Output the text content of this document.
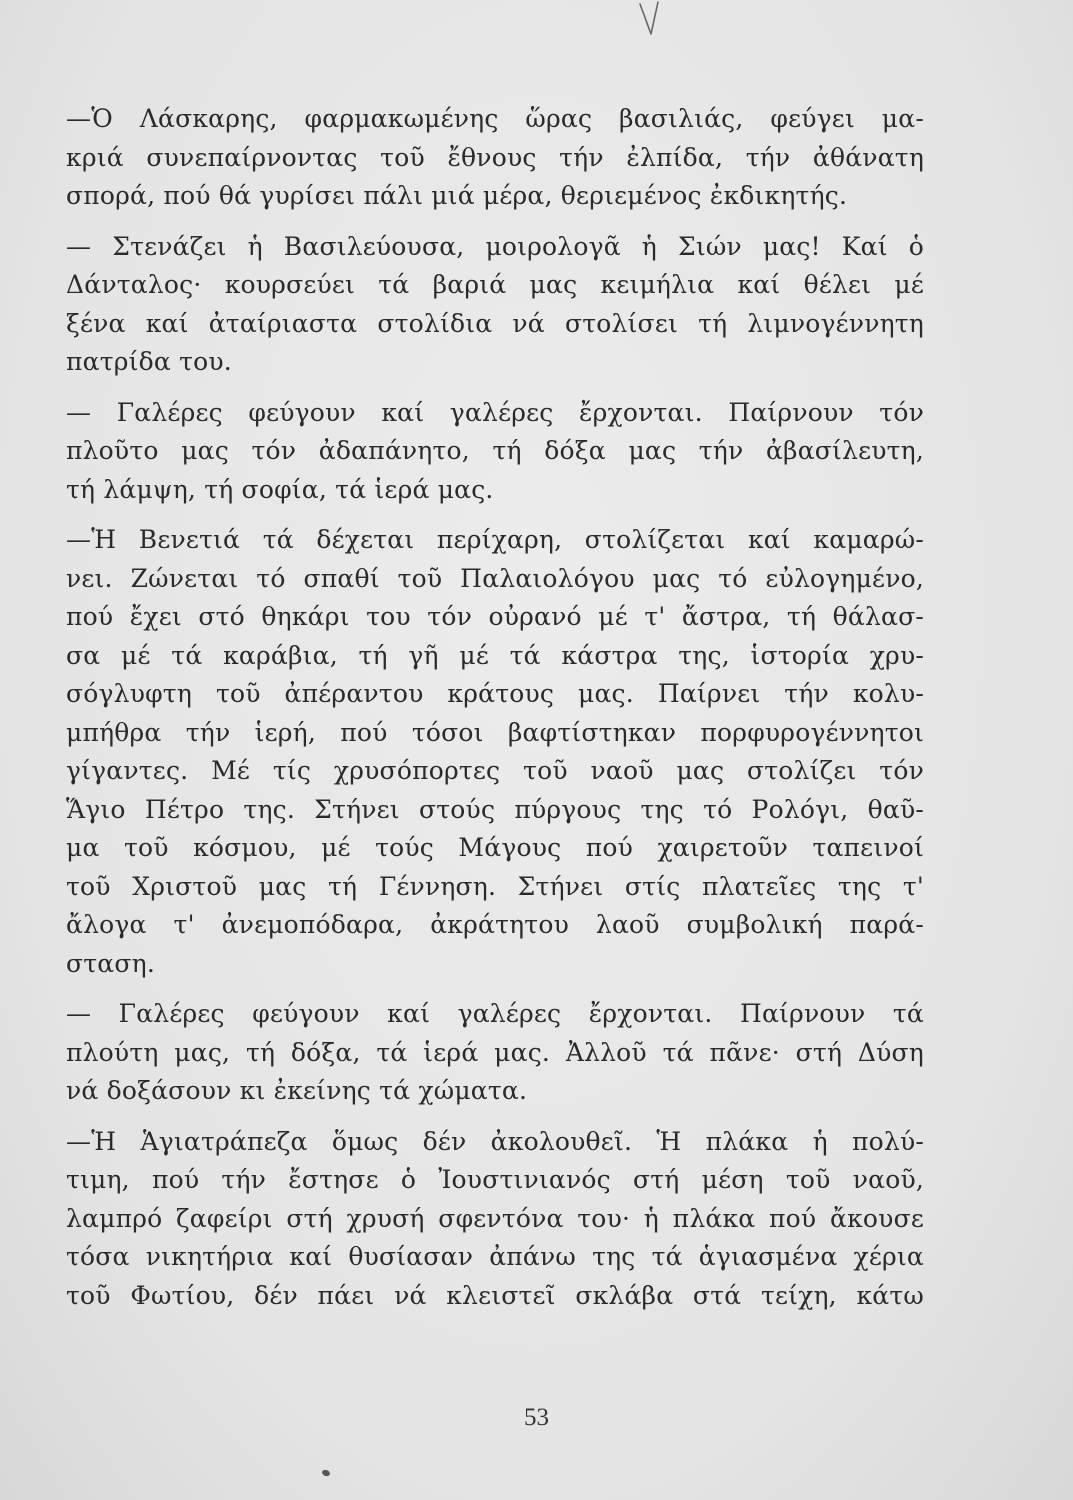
—Ὁ Λάσκαρης, φαρμακωμένης ὥρας βασιλιάς, φεύγει μα-
κριά συνεπαίρνοντας τοῦ ἔθνους τήν ἐλπίδα, τήν ἀθάνατη
σπορά, πού θά γυρίσει πάλι μιά μέρα, θεριεμένος ἐκδικητής.

— Στενάζει ἡ Βασιλεύουσα, μοιρολογᾶ ἡ Σιών μας! Καί ὁ
Δάνταλος· κουρσεύει τά βαριά μας κειμήλια καί θέλει μέ
ξένα καί ἀταίριαστα στολίδια νά στολίσει τή λιμνογέννητη
πατρίδα του.

— Γαλέρες φεύγουν καί γαλέρες ἔρχονται. Παίρνουν τόν
πλοῦτο μας τόν ἀδαπάνητο, τή δόξα μας τήν ἀβασίλευτη,
τή λάμψη, τή σοφία, τά ἱερά μας.

—Ἡ Βενετιά τά δέχεται περίχαρη, στολίζεται καί καμαρώ-
νει. Ζώνεται τό σπαθί τοῦ Παλαιολόγου μας τό εὐλογημένο,
πού ἔχει στό θηκάρι του τόν οὐρανό μέ τ' ἄστρα, τή θάλασ-
σα μέ τά καράβια, τή γῆ μέ τά κάστρα της, ἱστορία χρυ-
σόγλυφτη τοῦ ἀπέραντου κράτους μας. Παίρνει τήν κολυ-
μπήθρα τήν ἱερή, πού τόσοι βαφτίστηκαν πορφυρογέννητοι
γίγαντες. Μέ τίς χρυσόπορτες τοῦ ναοῦ μας στολίζει τόν
Ἅγιο Πέτρο της. Στήνει στούς πύργους της τό Ρολόγι, θαῦ-
μα τοῦ κόσμου, μέ τούς Μάγους πού χαιρετοῦν ταπεινοί
τοῦ Χριστοῦ μας τή Γέννηση. Στήνει στίς πλατεῖες της τ'
ἄλογα τ' ἀνεμοπόδαρα, ἀκράτητου λαοῦ συμβολική παρά-
σταση.

— Γαλέρες φεύγουν καί γαλέρες ἔρχονται. Παίρνουν τά
πλούτη μας, τή δόξα, τά ἱερά μας. Ἀλλοῦ τά πᾶνε· στή Δύση
νά δοξάσουν κι ἐκείνης τά χώματα.

—Ἡ Ἁγιατράπεζα ὅμως δέν ἀκολουθεῖ. Ἡ πλάκα ἡ πολύ-
τιμη, πού τήν ἔστησε ὁ Ἰουστινιανός στή μέση τοῦ ναοῦ,
λαμπρό ζαφείρι στή χρυσή σφεντόνα του· ἡ πλάκα πού ἄκουσε
τόσα νικητήρια καί θυσίασαν ἀπάνω της τά ἁγιασμένα χέρια
τοῦ Φωτίου, δέν πάει νά κλειστεῖ σκλάβα στά τείχη, κάτω

53
